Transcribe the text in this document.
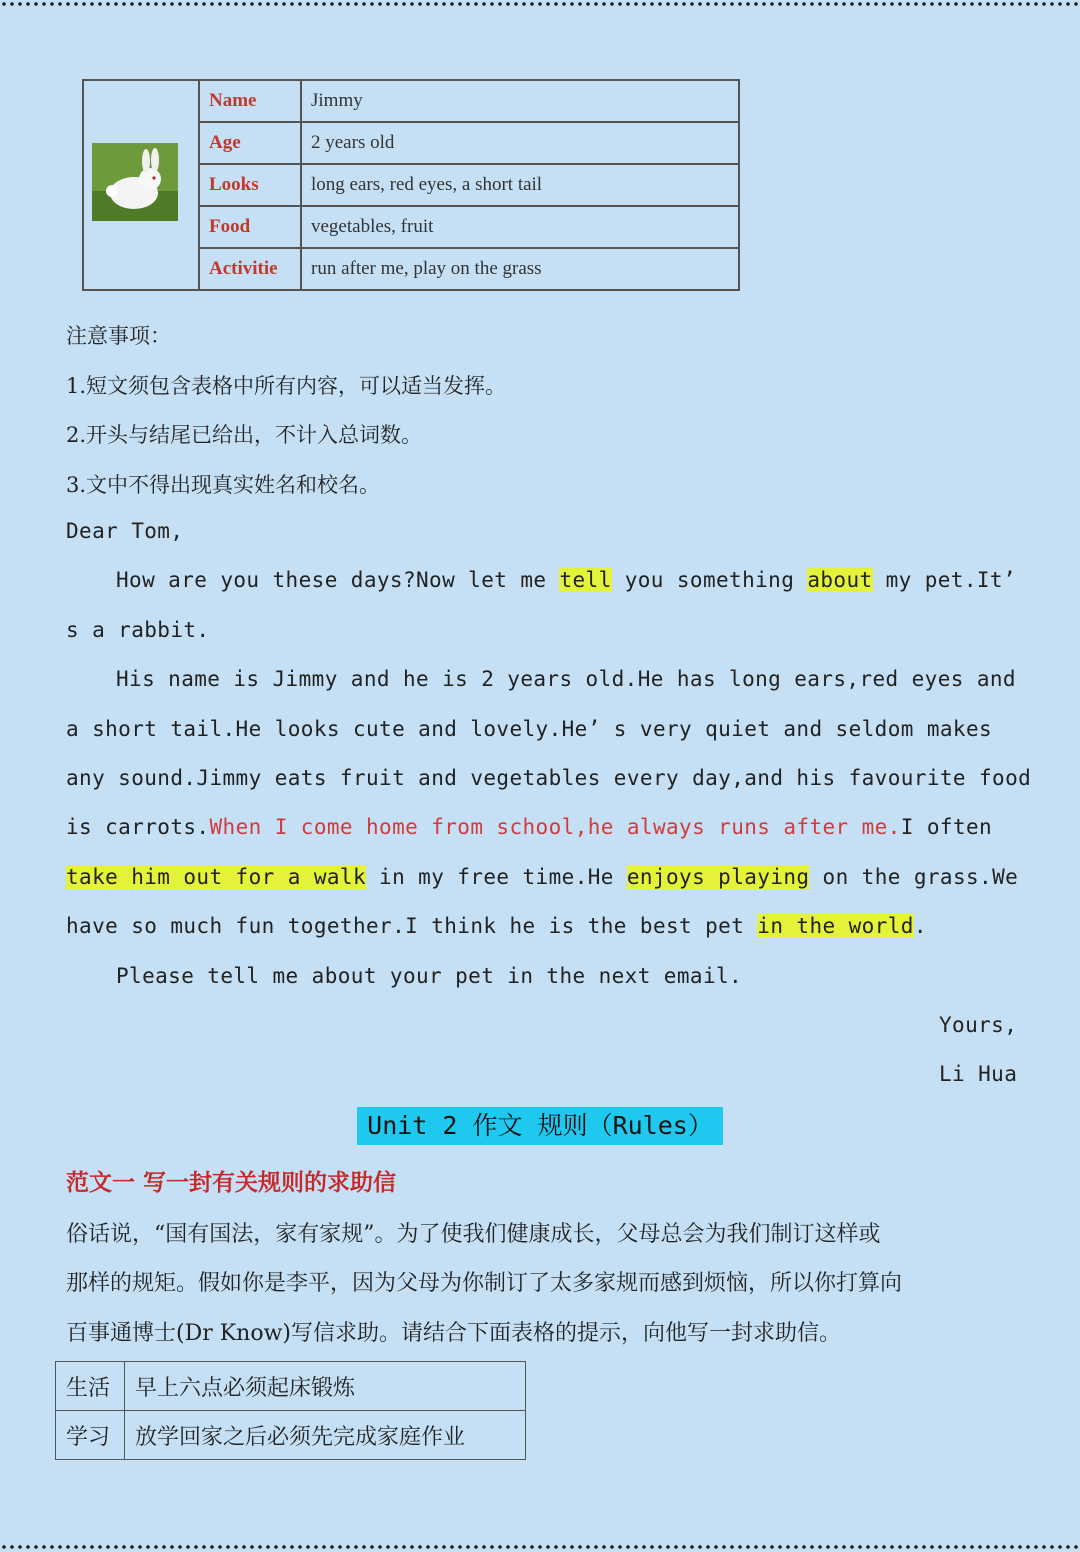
	Name	Jimmy
	Age	2 years old
	Looks	long ears, red eyes, a short tail
	Food	vegetables, fruit
	Activitie	run after me, play on the grass
注意事项：
1.短文须包含表格中所有内容，可以适当发挥。
2.开头与结尾已给出，不计入总词数。
3.文中不得出现真实姓名和校名。
Dear Tom,
How are you these days?Now let me tell you something about my pet.It’
s a rabbit.
His name is Jimmy and he is 2 years old.He has long ears,red eyes and
a short tail.He looks cute and lovely.He’ s very quiet and seldom makes
any sound.Jimmy eats fruit and vegetables every day,and his favourite food
is carrots.When I come home from school,he always runs after me.I often
take him out for a walk in my free time.He enjoys playing on the grass.We
have so much fun together.I think he is the best pet in the world.
Please tell me about your pet in the next email.
Yours,
Li Hua
Unit 2 作文 规则（Rules）
范文一 写一封有关规则的求助信
俗话说，“国有国法，家有家规”。为了使我们健康成长，父母总会为我们制订这样或
那样的规矩。假如你是李平，因为父母为你制订了太多家规而感到烦恼，所以你打算向
百事通博士(Dr Know)写信求助。请结合下面表格的提示，向他写一封求助信。
生活	早上六点必须起床锻炼
学习	放学回家之后必须先完成家庭作业
